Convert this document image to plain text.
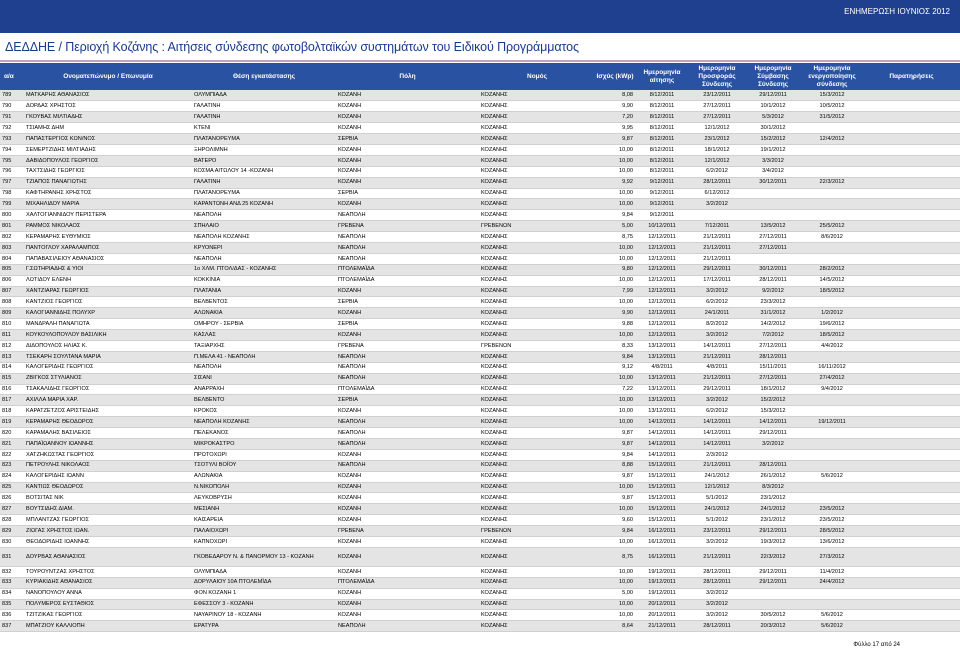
ΕΝΗΜΕΡΩΣΗ ΙΟΥΝΙΟΣ 2012
ΔΕΔΔΗΕ / Περιοχή Κοζάνης : Αιτήσεις σύνδεσης φωτοβολταϊκών συστημάτων του Ειδικού Προγράμματος
α/α	Ονοματεπώνυμο / Επωνυμία	Θέση εγκατάστασης	Πόλη	Νομός	Ισχύς (kWp)	Ημερομηνία αίτησης	Ημερομηνία Προσφοράς Σύνδεσης	Ημερομηνία Σύμβασης Σύνδεσης	Ημερομηνία ενεργοποίησης σύνδεσης	Παρατηρήσεις
789	ΜΑΤΚΑΡΗΣ ΑΘΑΝΑΣΙΟΣ	ΟΛΥΜΠΙΑΔΑ	ΚΟΖΑΝΗ	ΚΟΖΑΝΗΣ	8,08	8/12/2011	23/12/2011	29/12/2011	15/3/2012	
790	ΔΟΡΔΑΣ ΧΡΗΣΤΟΣ	ΓΑΛΑΤΙΝΗ	ΚΟΖΑΝΗ	ΚΟΖΑΝΗΣ	9,90	8/12/2011	27/12/2011	10/1/2012	10/5/2012	
791	ΓΚΟΥΒΑΣ ΜΙΛΤΙΑΔΗΣ	ΓΑΛΑΤΙΝΗ	ΚΟΖΑΝΗ	ΚΟΖΑΝΗΣ	7,20	8/12/2011	27/12/2011	5/3/2012	31/5/2012	
792	ΤΣΙΑΜΗΣ ΔΗΜ	ΚΤΕΝΙ	ΚΟΖΑΝΗ	ΚΟΖΑΝΗΣ	9,95	8/12/2011	12/1/2012	30/1/2012		
793	ΠΑΠΑΣΤΕΡΓΙΟΣ ΚΩΝ/ΝΟΣ	ΠΛΑΤΑΝΟΡΕΥΜΑ	ΣΕΡΒΙΑ	ΚΟΖΑΝΗΣ	9,87	8/12/2011	23/1/2012	15/2/2012	12/4/2012	
794	ΣΕΜΕΡΤΖΙΔΗΣ ΜΙΛΤΙΑΔΗΣ	ΞΗΡΟΛΙΜΝΗ	ΚΟΖΑΝΗ	ΚΟΖΑΝΗΣ	10,00	8/12/2011	18/1/2012	19/1/2012		
795	ΔΑΒΙΔΟΠΟΥΛΟΣ ΓΕΩΡΓΙΟΣ	ΒΑΤΕΡΟ	ΚΟΖΑΝΗ	ΚΟΖΑΝΗΣ	10,00	8/12/2011	12/1/2012	3/3/2012		
796	ΤΑΧΤΣΙΔΗΣ ΓΕΩΡΓΙΟΣ	ΚΟΣΜΑ ΑΙΤΩΛΟΥ 14 -ΚΟΖΑΝΗ	ΚΟΖΑΝΗ	ΚΟΖΑΝΗΣ	10,00	8/12/2011	6/2/2012	3/4/2012		
797	ΤΖΙΑΠΟΣ ΠΑΝΑΓΙΩΤΗΣ	ΓΑΛΑΤΙΝΗ	ΚΟΖΑΝΗ	ΚΟΖΑΝΗΣ	9,92	9/12/2011	28/12/2011	30/12/2011	22/3/2012	
798	ΚΑΦΤΗΡΑΝΗΣ ΧΡΗΣΤΟΣ	ΠΛΑΤΑΝΟΡΕΥΜΑ	ΣΕΡΒΙΑ	ΚΟΖΑΝΗΣ	10,00	9/12/2011	6/12/2012			
799	ΜΙΧΑΗΛΙΔΟΥ ΜΑΡΙΑ	ΚΑΡΑΝΤΩΝΗ ΑΝΔ 25 ΚΟΖΑΝΗ	ΚΟΖΑΝΗ	ΚΟΖΑΝΗΣ	10,00	9/12/2011	3/2/2012			
800	ΧΑΛΤΟΓΙΑΝΝΙΔΟΥ ΠΕΡΙΣΤΕΡΑ	ΝΕΑΠΟΛΗ	ΝΕΑΠΟΛΗ	ΚΟΖΑΝΗΣ	9,84	9/12/2011				
801	ΡΑΜΜΟΣ ΝΙΚΟΛΑΟΣ	ΣΠΗΛΑΙΟ	ΓΡΕΒΕΝΑ	ΓΡΕΒΕΝΩΝ	5,00	10/12/2011	7/12/2011	13/5/2012	25/5/2012	
802	ΚΕΡΑΜΑΡΗΣ ΕΥΘΥΜΙΟΣ	ΝΕΑΠΟΛΗ ΚΟΖΑΝΗΣ	ΝΕΑΠΟΛΗ	ΚΟΖΑΝΗΣ	8,75	12/12/2011	21/12/2011	27/12/2011	8/6/2012	
803	ΠΑΝΤΟΓΛΟΥ ΧΑΡΑΛΑΜΠΟΣ	ΚΡΥΟΝΕΡΙ	ΝΕΑΠΟΛΗ	ΚΟΖΑΝΗΣ	10,00	12/12/2011	21/12/2011	27/12/2011		
804	ΠΑΠΑΒΑΣΙΛΕΙΟΥ ΑΘΑΝΑΣΙΟΣ	ΝΕΑΠΟΛΗ	ΝΕΑΠΟΛΗ	ΚΟΖΑΝΗΣ	10,00	12/12/2011	21/12/2011			
805	Γ.ΣΩΤΗΡΙΑΔΗΣ & ΥΙΟΙ	1ο ΧΛΜ. ΠΤΟΛ/ΔΑΣ - ΚΟΖΑΝΗΣ	ΠΤΟΛΕΜΑΪΔΑ	ΚΟΖΑΝΗΣ	9,80	12/12/2011	29/12/2011	30/12/2011	28/2/2012	
806	ΛΩΤΙΔΟΥ ΕΛΕΝΗ	ΚΟΚΚΙΝΙΑ	ΠΤΟΛΕΜΑΪΔΑ	ΚΟΖΑΝΗΣ	10,00	12/12/2011	17/12/2011	28/12/2011	14/5/2012	
807	ΧΑΝΤΖΙΑΡΑΣ ΓΕΩΡΓΙΟΣ	ΠΛΑΤΑΝΙΑ	ΚΟΖΑΝΗ	ΚΟΖΑΝΗΣ	7,99	12/12/2011	3/2/2012	9/2/2012	18/5/2012	
808	ΚΑΝΤΖΙΟΣ ΓΕΩΡΓΙΟΣ	ΒΕΛΒΕΝΤΟΣ	ΣΕΡΒΙΑ	ΚΟΖΑΝΗΣ	10,00	12/12/2011	6/2/2012	23/3/2012		
809	ΚΑΛΟΓΙΑΝΝΙΔΗΣ ΠΟΛΥΧΡ	ΑΛΩΝΑΚΙΑ	ΚΟΖΑΝΗ	ΚΟΖΑΝΗΣ	9,90	12/12/2011	24/1/2011	31/1/2012	1/2/2012	
810	ΜΑΝΔΡΑΛΗ ΠΑΝΑΓΙΩΤΑ	ΟΜΗΡΟΥ - ΣΕΡΒΙΑ	ΣΕΡΒΙΑ	ΚΟΖΑΝΗΣ	9,88	12/12/2011	8/2/2012	14/2/2012	19/6/2012	
811	ΚΟΥΚΟΥΛΟΠΟΥΛΟΥ ΒΑΣΙΛΙΚΗ	ΚΑΣΛΑΣ	ΚΟΖΑΝΗ	ΚΟΖΑΝΗΣ	10,00	12/12/2011	3/2/2012	7/2/2012	18/5/2012	
812	ΔΙΔΟΠΟΥΛΟΣ ΗΛΙΑΣ Κ.	ΤΑΞΙΑΡΧΗΣ	ΓΡΕΒΕΝΑ	ΓΡΕΒΕΝΩΝ	8,33	13/12/2011	14/12/2011	27/12/2011	4/4/2012	
813	ΤΣΕΚΑΡΗ ΣΟΥΛΤΑΝΑ ΜΑΡΙΑ	Π.ΜΕΛΑ 41 - ΝΕΑΠΟΛΗ	ΝΕΑΠΟΛΗ	ΚΟΖΑΝΗΣ	9,84	13/12/2011	21/12/2011	28/12/2011		
814	ΚΑΛΟΓΕΡΙΔΗΣ ΓΕΩΡΓΙΟΣ	ΝΕΑΠΟΛΗ	ΝΕΑΠΟΛΗ	ΚΟΖΑΝΗΣ	9,12	4/8/2011	4/8/2011	15/11/2011	16/11/2012	
815	ΖΒΙΓΚΟΣ ΣΤΥΛΙΑΝΟΣ	ΣΙΣΑΝΙ	ΝΕΑΠΟΛΗ	ΚΟΖΑΝΗΣ	10,00	13/12/2011	21/12/2011	27/12/2011	27/4/2012	
816	ΤΣΑΚΑΛΙΔΗΣ ΓΕΩΡΓΙΟΣ	ΑΝΑΡΡΑΧΗ	ΠΤΟΛΕΜΑΪΔΑ	ΚΟΖΑΝΗΣ	7,22	13/12/2011	29/12/2011	18/1/2012	9/4/2012	
817	ΑΧΙΛΛΑ ΜΑΡΙΑ ΧΑΡ.	ΒΕΛΒΕΝΤΟ	ΣΕΡΒΙΑ	ΚΟΖΑΝΗΣ	10,00	13/12/2011	3/2/2012	15/2/2012		
818	ΚΑΡΑΤΖΕΤΖΟΣ ΑΡΙΣΤΕΙΔΗΣ	ΚΡΟΚΟΣ	ΚΟΖΑΝΗ	ΚΟΖΑΝΗΣ	10,00	13/12/2011	6/2/2012	15/3/2012		
819	ΚΕΡΑΜΑΡΗΣ ΘΕΟΔΩΡΟΣ	ΝΕΑΠΟΛΗ ΚΟΖΑΝΗΣ	ΝΕΑΠΟΛΗ	ΚΟΖΑΝΗΣ	10,00	14/12/2011	14/12/2011	14/12/2011	19/12/2011	
820	ΚΑΡΑΜΑΛΗΣ ΒΑΣΙΛΕΙΟΣ	ΠΕΛΕΚΑΝΟΣ	ΝΕΑΠΟΛΗ	ΚΟΖΑΝΗΣ	9,87	14/12/2011	14/12/2011	29/12/2011		
821	ΠΑΠΑΪΩΑΝΝΟΥ ΙΩΑΝΝΗΣ	ΜΙΚΡΟΚΑΣΤΡΟ	ΝΕΑΠΟΛΗ	ΚΟΖΑΝΗΣ	9,87	14/12/2011	14/12/2011	3/2/2012		
822	ΧΑΤΖΗΚΩΣΤΑΣ ΓΕΩΡΓΙΟΣ	ΠΡΩΤΟΧΩΡΙ	ΚΟΖΑΝΗ	ΚΟΖΑΝΗΣ	9,84	14/12/2011	2/3/2012			
823	ΠΕΤΡΟΥΛΗΣ ΝΙΚΟΛΑΟΣ	ΤΣΟΤΥΛΙ ΒΟΪΟΥ	ΝΕΑΠΟΛΗ	ΚΟΖΑΝΗΣ	8,88	15/12/2011	21/12/2011	28/12/2011		
824	ΚΑΛΟΓΕΡΙΔΗΣ ΙΩΑΝΝ	ΑΛΩΝΑΚΙΑ	ΚΟΖΑΝΗ	ΚΟΖΑΝΗΣ	9,87	15/12/2011	24/1/2012	26/1/2012	5/6/2012	
825	ΚΑΝΤΙΩΣ ΘΕΟΔΩΡΟΣ	Ν.ΝΙΚΟΠΟΛΗ	ΚΟΖΑΝΗ	ΚΟΖΑΝΗΣ	10,00	15/12/2011	12/1/2012	8/3/2012		
826	ΒΟΤΣΙΤΑΣ ΝΙΚ	ΛΕΥΚΟΒΡΥΣΗ	ΚΟΖΑΝΗ	ΚΟΖΑΝΗΣ	9,87	15/12/2011	5/1/2012	23/1/2012		
827	ΒΟΥΤΣΙΔΗΣ ΔΙΑΜ.	ΜΕΣΙΑΝΗ	ΚΟΖΑΝΗ	ΚΟΖΑΝΗΣ	10,00	15/12/2011	24/1/2012	24/1/2012	23/5/2012	
828	ΜΠΛΑΝΤΖΑΣ ΓΕΩΡΓΙΟΣ	ΚΑΙΣΑΡΕΙΑ	ΚΟΖΑΝΗ	ΚΟΖΑΝΗΣ	9,60	15/12/2011	5/1/2012	23/1/2012	23/5/2012	
829	ΖΙΩΓΑΣ ΧΡΗΣΤΟΣ ΙΩΑΝ.	ΠΑΛΑΙΟΧΩΡΙ	ΓΡΕΒΕΝΑ	ΓΡΕΒΕΝΩΝ	9,84	16/12/2011	23/12/2011	29/12/2011	28/5/2012	
830	ΘΕΟΔΩΡΙΔΗΣ ΙΩΑΝΝΗΣ	ΚΑΠΝΟΧΩΡΙ	ΚΟΖΑΝΗ	ΚΟΖΑΝΗΣ	10,00	16/12/2011	3/2/2012	19/3/2012	13/6/2012	
831	ΔΟΥΡΒΑΣ ΑΘΑΝΑΣΙΟΣ	ΓΚΟΒΕΔΑΡΟΥ Ν. & ΠΑΝΟΡΜΟΥ 13 - ΚΟΖΑΝΗ	ΚΟΖΑΝΗ	ΚΟΖΑΝΗΣ	8,75	16/12/2011	21/12/2011	22/3/2012	27/3/2012	
832	ΤΟΥΡΟΥΝΤΖΑΣ ΧΡΗΣΤΟΣ	ΟΛΥΜΠΙΑΔΑ	ΚΟΖΑΝΗ	ΚΟΖΑΝΗΣ	10,00	19/12/2011	28/12/2011	29/12/2011	11/4/2012	
833	ΚΥΡΙΑΚΙΔΗΣ ΑΘΑΝΑΣΙΟΣ	ΔΟΡΥΛΑΙΟΥ 10Α ΠΤΟΛΕΜΪΔΑ	ΠΤΟΛΕΜΑΪΔΑ	ΚΟΖΑΝΗΣ	10,00	19/12/2011	28/12/2011	29/12/2011	24/4/2012	
834	ΝΑΝΟΠΟΥΛΟΥ ΑΝΝΑ	ΦΟΝ ΚΟΖΑΝΗ 1	ΚΟΖΑΝΗ	ΚΟΖΑΝΗΣ	5,00	19/12/2011	3/2/2012			
835	ΠΟΛΥΜΕΡΟΣ ΕΥΣΤΑΘΙΟΣ	ΕΦΕΣΣΟΥ 3 - ΚΟΖΑΝΗ	ΚΟΖΑΝΗ	ΚΟΖΑΝΗΣ	10,00	20/12/2011	3/2/2012			
836	ΤΖΙΤΖΙΚΑΣ ΓΕΩΡΓΙΟΣ	ΝΑΥΑΡΙΝΟΥ 18 - ΚΟΖΑΝΗ	ΚΟΖΑΝΗ	ΚΟΖΑΝΗΣ	10,00	20/12/2011	3/2/2012	30/5/2012	5/6/2012	
837	ΜΠΑΤΖΙΟΥ ΚΑΛΛΙΟΠΗ	ΕΡΑΤΥΡΑ	ΝΕΑΠΟΛΗ	ΚΟΖΑΝΗΣ	8,64	21/12/2011	28/12/2011	20/3/2012	5/6/2012	
Φύλλο 17 από 24
